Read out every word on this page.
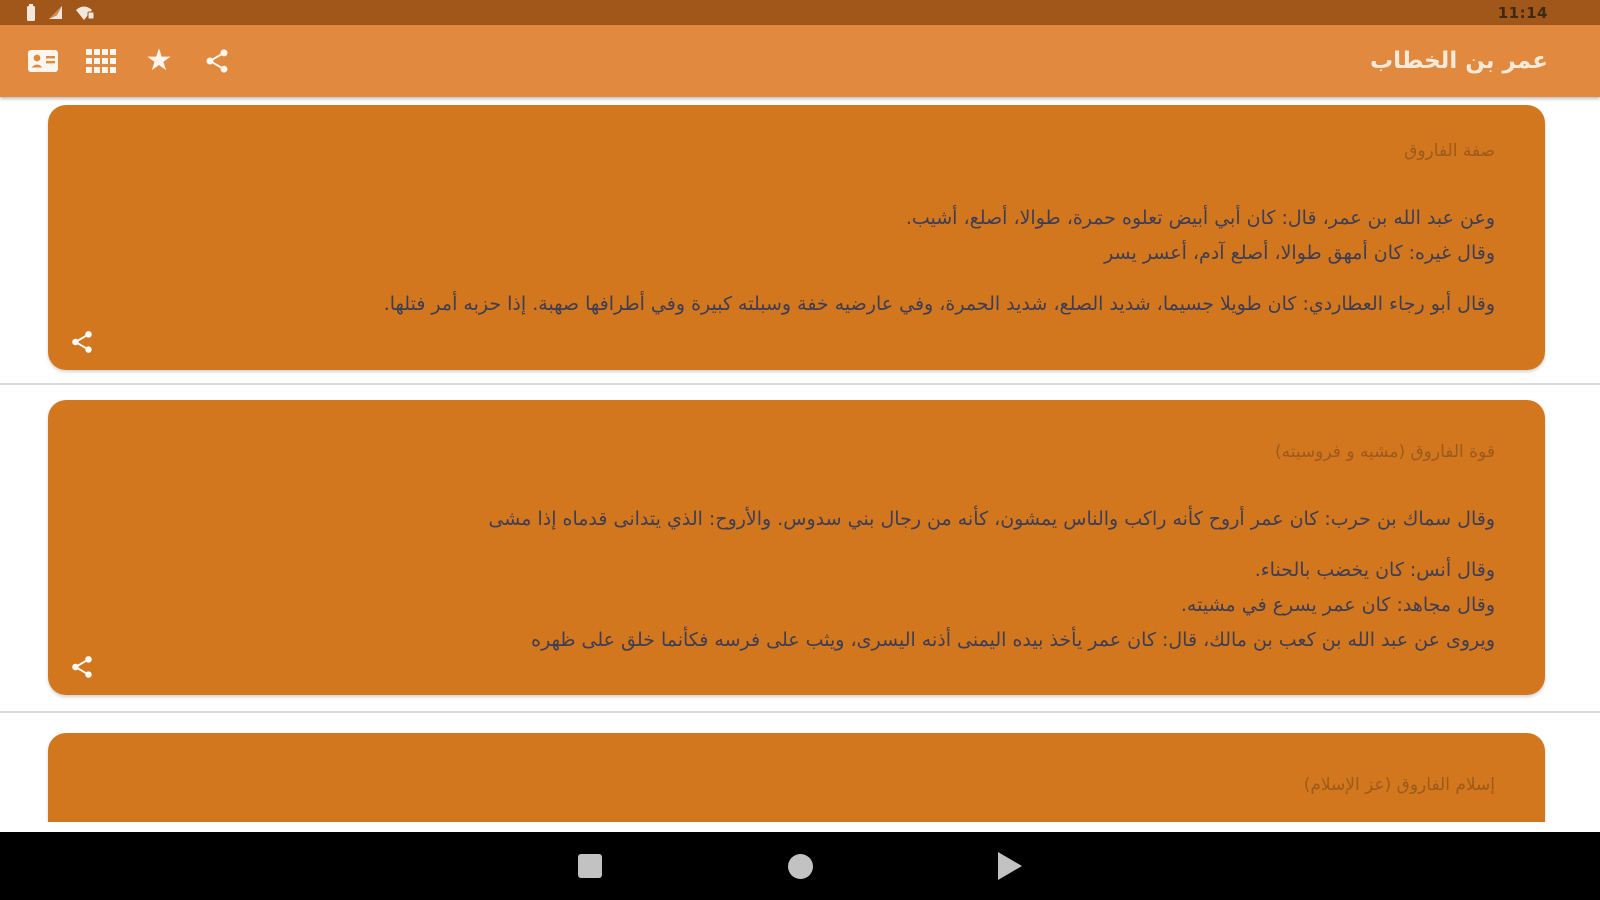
11:14
★	عمر بن الخطاب
صفة الفاروق

وعن عبد الله بن عمر، قال: كان أبي أبيض تعلوه حمرة، طوالا، أصلع، أشيب.

وقال غيره: كان أمهق طوالا، أصلع آدم، أعسر يسر

وقال أبو رجاء العطاردي: كان طويلا جسيما، شديد الصلع، شديد الحمرة، وفي عارضيه خفة وسبلته كبيرة وفي أطرافها صهبة. إذا حزبه أمر فتلها.

قوة الفاروق (مشيه و فروسيته)

وقال سماك بن حرب: كان عمر أروح كأنه راكب والناس يمشون، كأنه من رجال بني سدوس. والأروح: الذي يتدانى قدماه إذا مشى

وقال أنس: كان يخضب بالحناء.

وقال مجاهد: كان عمر يسرع في مشيته.

ويروى عن عبد الله بن كعب بن مالك، قال: كان عمر يأخذ بيده اليمنى أذنه اليسرى، ويثب على فرسه فكأنما خلق على ظهره

إسلام الفاروق (عز الإسلام)
